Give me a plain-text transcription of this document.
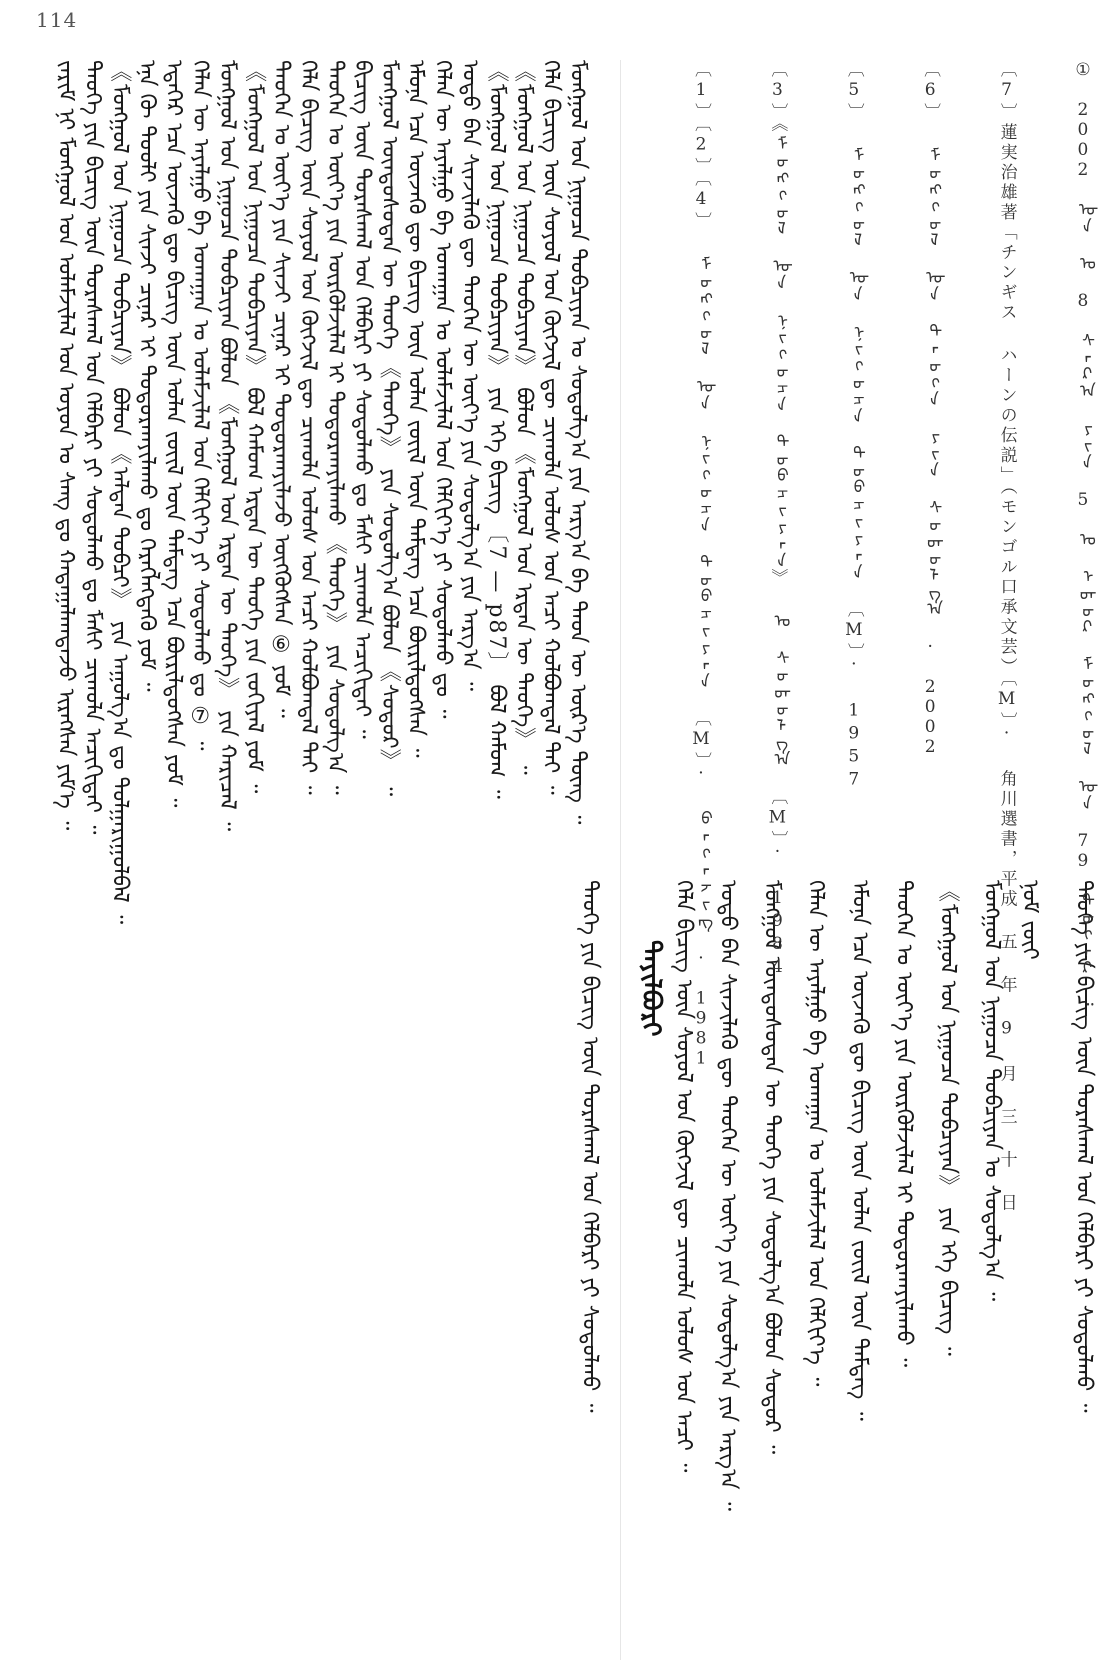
114
ᠵᠠᠷᠢᠮ ᠨᠢ ᠮᠣᠩᠭᠣᠯ ᠤᠨ ᠤᠯᠠᠮᠵᠢᠯᠠᠯ ᠤᠨ ᠣᠶᠤᠨ ᠤ ᠰᠠᠩ ᠳᠤ ᠬᠠᠳᠠᠭᠠᠯᠠᠭᠳᠠᠵᠤ ᠢᠷᠡᠭᠰᠡᠨ ᠶᠢᠮ᠎ᠡ ᠃ ᠲᠡᠦᠬᠡ ᠶᠢᠨ ᠪᠢᠴᠢᠭ ᠦᠨ ᠳᠤᠷᠠᠰᠬᠠᠯ ᠤᠨ ᠬᠡᠯᠪᠡᠷᠢ ᠶᠢ ᠰᠣᠳᠤᠯᠬᠤ ᠳᠤ ᠮᠠᠰᠢ ᠴᠢᠬᠤᠯᠠ ᠠᠴᠢᠬᠢᠲᠠᠢ ᠃ 《ᠮᠣᠩᠭᠣᠯ ᠤᠨ ᠨᠢᠭᠤᠴᠠ ᠲᠣᠪᠴᠢᠶᠠᠨ》 ᠪᠣᠯᠣᠨ 《ᠠᠯᠲᠠᠨ ᠲᠣᠪᠴᠢ》 ᠶᠢᠨ ᠠᠭᠤᠯᠭ᠎ᠠ ᠳᠤ ᠲᠤᠯᠭᠠᠷᠢᠭᠤᠯᠪᠠᠯ ᠃ ᠡᠨᠡ ᠬᠦ ᠲᠤᠤᠯᠢ ᠶᠢᠨ ᠰᠢᠨᠵᠢ ᠴᠢᠨᠠᠷ ᠢ ᠲᠣᠳᠤᠷᠬᠠᠶᠢᠯᠠᠬᠤ ᠳᠤ ᠬᠡᠷᠡᠭᠯᠡᠭᠳᠡᠬᠦ ᠶᠤᠮ ᠃ ᠡᠳᠡᠭᠡᠷ ᠡᠴᠡ ᠦᠵᠡᠬᠦ ᠳᠦ ᠪᠢᠴᠢᠭ ᠦᠨ ᠣᠯᠠᠨ ᠵᠦᠢᠯ ᠦᠨ ᠲᠡᠮᠳᠡᠭ ᠡᠴᠡ ᠪᠦᠷᠢᠯᠳᠦᠭᠰᠡᠨ ᠶᠤᠮ ᠃ ᠬᠡᠯᠡᠨ ᠦ ᠠᠶᠠᠯᠭᠤ ᠪᠠ ᠤᠬᠠᠭᠠᠨ ᠤ ᠤᠯᠠᠮᠵᠢᠯᠠᠯ ᠤᠨ ᠬᠡᠯᠬᠢᠶ᠎ᠡ ᠶᠢ ᠰᠣᠳᠤᠯᠬᠤ ᠳᠤ ⑦ ᠃ ᠮᠣᠩᠭᠣᠯ ᠤᠨ ᠨᠢᠭᠤᠴᠠ ᠲᠣᠪᠴᠢᠶᠠᠨ ᠪᠣᠯᠣᠨ 《ᠮᠣᠩᠭᠣᠯ ᠤᠨ ᠡᠷᠲᠡᠨ ᠦ ᠲᠡᠦᠬᠡ》 ᠶᠢᠨ ᠬᠠᠷᠢᠴᠠᠯ ᠃ 《ᠮᠣᠩᠭᠣᠯ ᠤᠨ ᠨᠢᠭᠤᠴᠠ ᠲᠣᠪᠴᠢᠶᠠᠨ》 ᠪᠣᠯ ᠬᠠᠮᠤᠭ ᠡᠷᠲᠡᠨ ᠦ ᠲᠡᠦᠬᠡ ᠶᠢᠨ ᠵᠣᠬᠢᠶᠠᠯ ᠶᠤᠮ ᠃ ᠲᠡᠦᠬᠡᠨ ᠤ ᠦᠶ᠎ᠡ ᠶᠢᠨ ᠰᠢᠨᠵᠢ ᠴᠢᠨᠠᠷ ᠢ ᠲᠣᠳᠤᠷᠬᠠᠶᠢᠯᠠᠵᠤ ᠦᠭᠭᠦᠭᠰᠡᠨ ⑥ ᠶᠤᠮ ᠃ ᠬᠡᠯᠡ ᠪᠢᠴᠢᠭ ᠦᠨ ᠰᠣᠶᠣᠯ ᠤᠨ ᠬᠥᠭᠵᠢᠯ ᠳᠦ ᠴᠢᠬᠤᠯᠠ ᠤᠯᠤᠰ ᠤᠨ ᠠᠴᠢ ᠬᠣᠯᠪᠣᠭᠳᠠᠯ ᠲᠠᠢ ᠃ ᠲᠡᠦᠬᠡᠨ ᠤ ᠦᠶ᠎ᠡ ᠶᠢᠨ ᠦᠷᠭᠦᠯᠵᠢᠯᠡᠯ ᠢ ᠲᠣᠳᠤᠷᠬᠠᠶᠢᠯᠠᠬᠤ 《ᠲᠡᠦᠬᠡ》 ᠶᠢᠨ ᠰᠤᠳᠤᠯᠭ᠎ᠠ ᠃ ᠪᠢᠴᠢᠭ ᠦᠨ ᠳᠤᠷᠠᠰᠬᠠᠯ ᠤᠨ ᠬᠡᠯᠪᠡᠷᠢ ᠶᠢ ᠰᠣᠳᠤᠯᠬᠤ ᠳᠤ ᠮᠠᠰᠢ ᠴᠢᠬᠤᠯᠠ ᠠᠴᠢᠬᠢᠲᠠᠢ ᠃ ᠮᠣᠩᠭᠣᠯ ᠦᠨᠳᠦᠰᠦᠲᠡᠨ ᠦ ᠲᠡᠦᠬᠡ 《ᠲᠡᠦᠬᠡ》 ᠶᠢᠨ ᠰᠤᠳᠤᠯᠭ᠎ᠠ ᠪᠣᠯᠣᠨ 《ᠰᠤᠳᠤᠷ》 ᠃ ᠡᠮᠦᠨᠡ ᠡᠴᠡ ᠦᠵᠡᠬᠦ ᠳᠦ ᠪᠢᠴᠢᠭ ᠦᠨ ᠣᠯᠠᠨ ᠵᠦᠢᠯ ᠦᠨ ᠲᠡᠮᠳᠡᠭ ᠡᠴᠡ ᠪᠦᠷᠢᠯᠳᠦᠭᠰᠡᠨ ᠃ ᠬᠡᠯᠡᠨ ᠦ ᠠᠶᠠᠯᠭᠤ ᠪᠠ ᠤᠬᠠᠭᠠᠨ ᠤ ᠤᠯᠠᠮᠵᠢᠯᠠᠯ ᠤᠨ ᠬᠡᠯᠬᠢᠶ᠎ᠡ ᠶᠢ ᠰᠣᠳᠤᠯᠬᠤ ᠳᠤ ᠃ ᠣᠳᠣ ᠪᠡᠨ ᠰᠢᠨᠵᠢᠯᠡᠬᠦ ᠳᠦ ᠲᠡᠦᠬᠡᠨ ᠦ ᠦᠶ᠎ᠡ ᠶᠢᠨ ᠰᠤᠳᠤᠯᠭ᠎ᠠ ᠶᠢᠨ ᠠᠷᠭ᠎ᠠ ᠃ 《ᠮᠣᠩᠭᠣᠯ ᠤᠨ ᠨᠢᠭᠤᠴᠠ ᠲᠣᠪᠴᠢᠶᠠᠨ》 ᠶᠢᠨ ᠡᠬᠡ ᠪᠢᠴᠢᠭ 〔7 — p87〕 ᠪᠣᠯ ᠬᠠᠮᠤᠭ ᠃ 《ᠮᠣᠩᠭᠣᠯ ᠤᠨ ᠨᠢᠭᠤᠴᠠ ᠲᠣᠪᠴᠢᠶᠠᠨ》 ᠪᠣᠯᠣᠨ 《ᠮᠣᠩᠭᠣᠯ ᠤᠨ ᠡᠷᠲᠡᠨ ᠦ ᠲᠡᠦᠬᠡ》 ᠃ ᠬᠡᠯᠡ ᠪᠢᠴᠢᠭ ᠦᠨ ᠰᠣᠶᠣᠯ ᠤᠨ ᠬᠥᠭᠵᠢᠯ ᠳᠦ ᠴᠢᠬᠤᠯᠠ ᠤᠯᠤᠰ ᠤᠨ ᠠᠴᠢ ᠬᠣᠯᠪᠣᠭᠳᠠᠯ ᠲᠠᠢ ᠃ ᠮᠣᠩᠭᠣᠯ ᠤᠨ ᠨᠢᠭᠤᠴᠠ ᠲᠣᠪᠴᠢᠶᠠᠨ ᠤ ᠰᠤᠳᠤᠯᠭ᠎ᠠ ᠶᠢᠨ ᠠᠷᠭ᠎ᠠ ᠪᠠ ᠲᠡᠦᠨ ᠦ ᠦᠷ᠎ᠡ ᠳᠦᠩ ᠃
ᠲᠡᠦᠬᠡ ᠶᠢᠨ ᠪᠢᠴᠢᠭ ᠦᠨ ᠳᠤᠷᠠᠰᠬᠠᠯ ᠤᠨ ᠬᠡᠯᠪᠡᠷᠢ ᠶᠢ ᠰᠣᠳᠤᠯᠬᠤ ᠃	ᠲᠠᠶᠢᠯᠪᠤᠷᠢ ᠬᠡᠯᠡ ᠪᠢᠴᠢᠭ ᠦᠨ ᠰᠣᠶᠣᠯ ᠤᠨ ᠬᠥᠭᠵᠢᠯ ᠳᠦ ᠴᠢᠬᠤᠯᠠ ᠤᠯᠤᠰ ᠤᠨ ᠠᠴᠢ ᠃ ᠣᠳᠣ ᠪᠡᠨ ᠰᠢᠨᠵᠢᠯᠡᠬᠦ ᠳᠦ ᠲᠡᠦᠬᠡᠨ ᠦ ᠦᠶ᠎ᠡ ᠶᠢᠨ ᠰᠤᠳᠤᠯᠭ᠎ᠠ ᠶᠢᠨ ᠠᠷᠭ᠎ᠠ ᠃ ᠮᠣᠩᠭᠣᠯ ᠦᠨᠳᠦᠰᠦᠲᠡᠨ ᠦ ᠲᠡᠦᠬᠡ ᠶᠢᠨ ᠰᠤᠳᠤᠯᠭ᠎ᠠ ᠪᠣᠯᠣᠨ ᠰᠤᠳᠤᠷ ᠃ ᠬᠡᠯᠡᠨ ᠦ ᠠᠶᠠᠯᠭᠤ ᠪᠠ ᠤᠬᠠᠭᠠᠨ ᠤ ᠤᠯᠠᠮᠵᠢᠯᠠᠯ ᠤᠨ ᠬᠡᠯᠬᠢᠶ᠎ᠡ ᠃ ᠡᠮᠦᠨᠡ ᠡᠴᠡ ᠦᠵᠡᠬᠦ ᠳᠦ ᠪᠢᠴᠢᠭ ᠦᠨ ᠣᠯᠠᠨ ᠵᠦᠢᠯ ᠦᠨ ᠲᠡᠮᠳᠡᠭ ᠃ ᠲᠡᠦᠬᠡᠨ ᠤ ᠦᠶ᠎ᠡ ᠶᠢᠨ ᠦᠷᠭᠦᠯᠵᠢᠯᠡᠯ ᠢ ᠲᠣᠳᠤᠷᠬᠠᠶᠢᠯᠠᠬᠤ ᠃ 《ᠮᠣᠩᠭᠣᠯ ᠤᠨ ᠨᠢᠭᠤᠴᠠ ᠲᠣᠪᠴᠢᠶᠠᠨ》 ᠶᠢᠨ ᠡᠬᠡ ᠪᠢᠴᠢᠭ ᠃ ᠮᠣᠩᠭᠣᠯ ᠤᠨ ᠨᠢᠭᠤᠴᠠ ᠲᠣᠪᠴᠢᠶᠠᠨ ᠤ ᠰᠤᠳᠤᠯᠭ᠎ᠠ ᠃ ᠨᠣᠮ ᠵᠦᠢ ᠲᠡᠦᠬᠡ ᠶᠢᠨ ᠪᠢᠴᠢᠭ ᠦᠨ ᠳᠤᠷᠠᠰᠬᠠᠯ ᠤᠨ ᠬᠡᠯᠪᠡᠷᠢ ᠶᠢ ᠰᠣᠳᠤᠯᠬᠤ ᠃
〔1〕〔2〕〔4〕 ᠮᠣᠩᠭᠣᠯ ᠤᠨ ᠨᠢᠭᠤᠴᠠ ᠲᠣᠪᠴᠢᠶᠠᠨ 〔M〕· ᠪᠡᠭᠡᠵᠢᠩ · 1981	〔3〕《ᠮᠣᠩᠭᠣᠯ ᠤᠨ ᠨᠢᠭᠤᠴᠠ ᠲᠣᠪᠴᠢᠶᠠᠨ》 ᠤ ᠰᠤᠳᠤᠯᠭ᠎ᠠ 〔M〕· 1984	〔5〕 ᠮᠣᠩᠭᠣᠯ ᠤᠨ ᠨᠢᠭᠤᠴᠠ ᠲᠣᠪᠴᠢᠶᠠᠨ 〔M〕· 1957	〔6〕 ᠮᠣᠩᠭᠣᠯ ᠤᠨ ᠲᠡᠦᠬᠡ ᠶᠢᠨ ᠰᠤᠳᠤᠯᠭ᠎ᠠ · 2002	〔7〕蓮実治雄著「チンギス ハーンの伝説」（モンゴル口承文芸）〔M〕· 角川選書，平成 五 年 9 月 三 十 日	① 2002 ᠣᠨ ᠤ 8 ᠰᠠᠷ᠎ᠠ ᠶᠢᠨ 5 ᠤ ᠡᠳᠦᠷ ᠮᠣᠩᠭᠣᠯ ᠤᠨ 79 ᠳᠤᠭᠠᠷ ᠃
